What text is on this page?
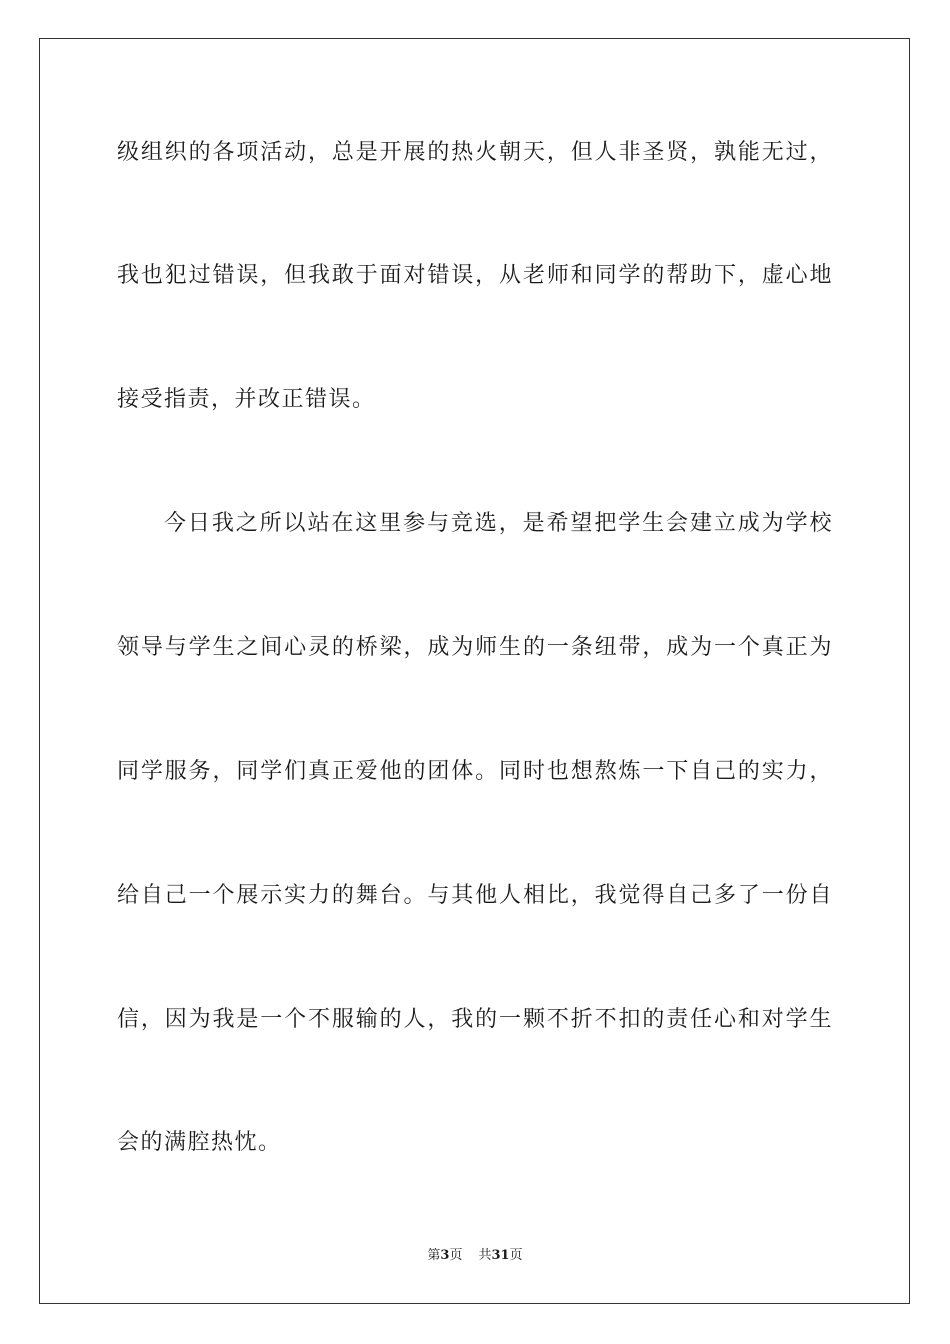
级组织的各项活动，总是开展的热火朝天，但人非圣贤，孰能无过，
我也犯过错误，但我敢于面对错误，从老师和同学的帮助下，虚心地
接受指责，并改正错误。
今日我之所以站在这里参与竞选，是希望把学生会建立成为学校
领导与学生之间心灵的桥梁，成为师生的一条纽带，成为一个真正为
同学服务，同学们真正爱他的团体。同时也想熬炼一下自己的实力，
给自己一个展示实力的舞台。与其他人相比，我觉得自己多了一份自
信，因为我是一个不服输的人，我的一颗不折不扣的责任心和对学生
会的满腔热忱。
第3页 共31页
